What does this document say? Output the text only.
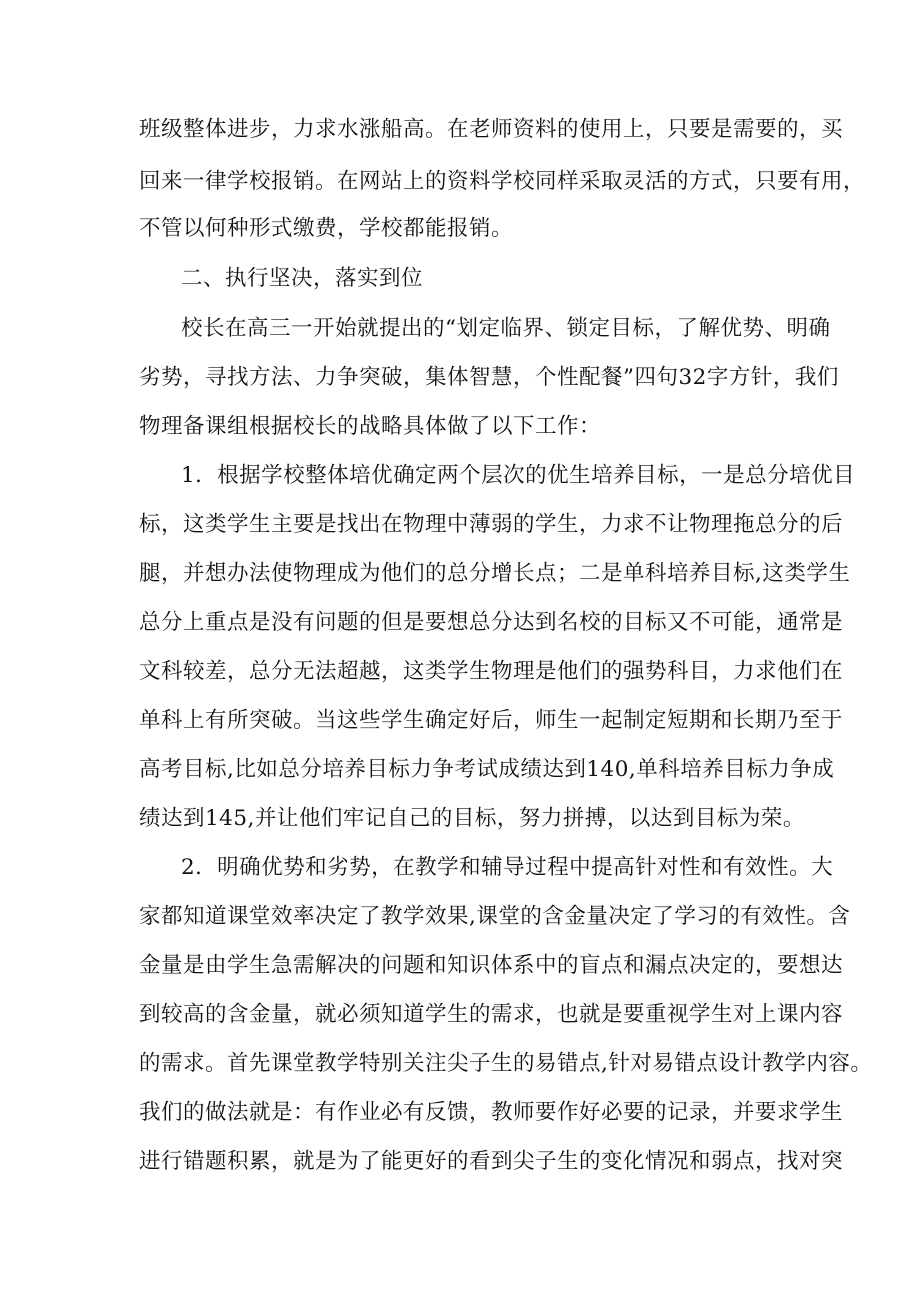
班级整体进步，力求水涨船高。在老师资料的使用上，只要是需要的，买
回来一律学校报销。在网站上的资料学校同样采取灵活的方式，只要有用，
不管以何种形式缴费，学校都能报销。
二、执行坚决，落实到位
校长在高三一开始就提出的“划定临界、锁定目标，了解优势、明确
劣势，寻找方法、力争突破，集体智慧，个性配餐”四句32字方针，我们
物理备课组根据校长的战略具体做了以下工作：
1．根据学校整体培优确定两个层次的优生培养目标，一是总分培优目
标，这类学生主要是找出在物理中薄弱的学生，力求不让物理拖总分的后
腿，并想办法使物理成为他们的总分增长点；二是单科培养目标,这类学生
总分上重点是没有问题的但是要想总分达到名校的目标又不可能，通常是
文科较差，总分无法超越，这类学生物理是他们的强势科目，力求他们在
单科上有所突破。当这些学生确定好后，师生一起制定短期和长期乃至于
高考目标,比如总分培养目标力争考试成绩达到140,单科培养目标力争成
绩达到145,并让他们牢记自己的目标，努力拼搏，以达到目标为荣。
2．明确优势和劣势，在教学和辅导过程中提高针对性和有效性。大
家都知道课堂效率决定了教学效果,课堂的含金量决定了学习的有效性。含
金量是由学生急需解决的问题和知识体系中的盲点和漏点决定的，要想达
到较高的含金量，就必须知道学生的需求，也就是要重视学生对上课内容
的需求。首先课堂教学特别关注尖子生的易错点,针对易错点设计教学内容。
我们的做法就是：有作业必有反馈，教师要作好必要的记录，并要求学生
进行错题积累，就是为了能更好的看到尖子生的变化情况和弱点，找对突
